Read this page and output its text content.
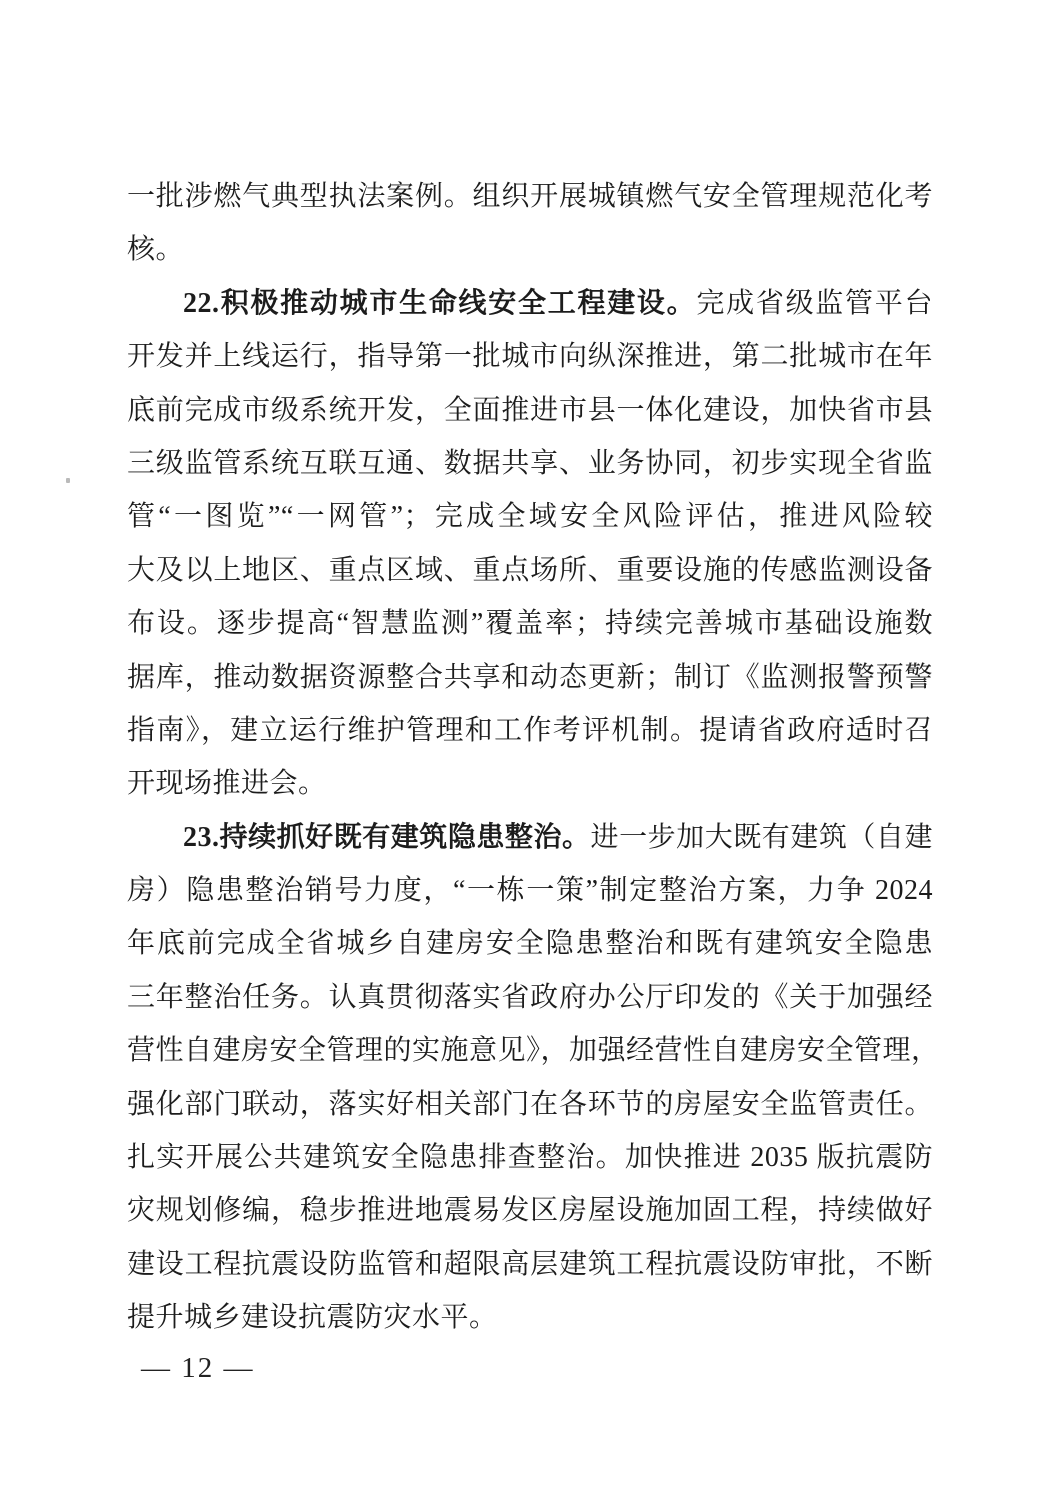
一批涉燃气典型执法案例。组织开展城镇燃气安全管理规范化考
核。
22.积极推动城市生命线安全工程建设。完成省级监管平台
开发并上线运行，指导第一批城市向纵深推进，第二批城市在年
底前完成市级系统开发，全面推进市县一体化建设，加快省市县
三级监管系统互联互通、数据共享、业务协同，初步实现全省监
管“一图览”“一网管”；完成全域安全风险评估，推进风险较
大及以上地区、重点区域、重点场所、重要设施的传感监测设备
布设。逐步提高“智慧监测”覆盖率；持续完善城市基础设施数
据库，推动数据资源整合共享和动态更新；制订《监测报警预警
指南》，建立运行维护管理和工作考评机制。提请省政府适时召
开现场推进会。
23.持续抓好既有建筑隐患整治。进一步加大既有建筑（自建
房）隐患整治销号力度，“一栋一策”制定整治方案，力争 2024
年底前完成全省城乡自建房安全隐患整治和既有建筑安全隐患
三年整治任务。认真贯彻落实省政府办公厅印发的《关于加强经
营性自建房安全管理的实施意见》，加强经营性自建房安全管理，
强化部门联动，落实好相关部门在各环节的房屋安全监管责任。
扎实开展公共建筑安全隐患排查整治。加快推进 2035 版抗震防
灾规划修编，稳步推进地震易发区房屋设施加固工程，持续做好
建设工程抗震设防监管和超限高层建筑工程抗震设防审批，不断
提升城乡建设抗震防灾水平。
— 12 —
